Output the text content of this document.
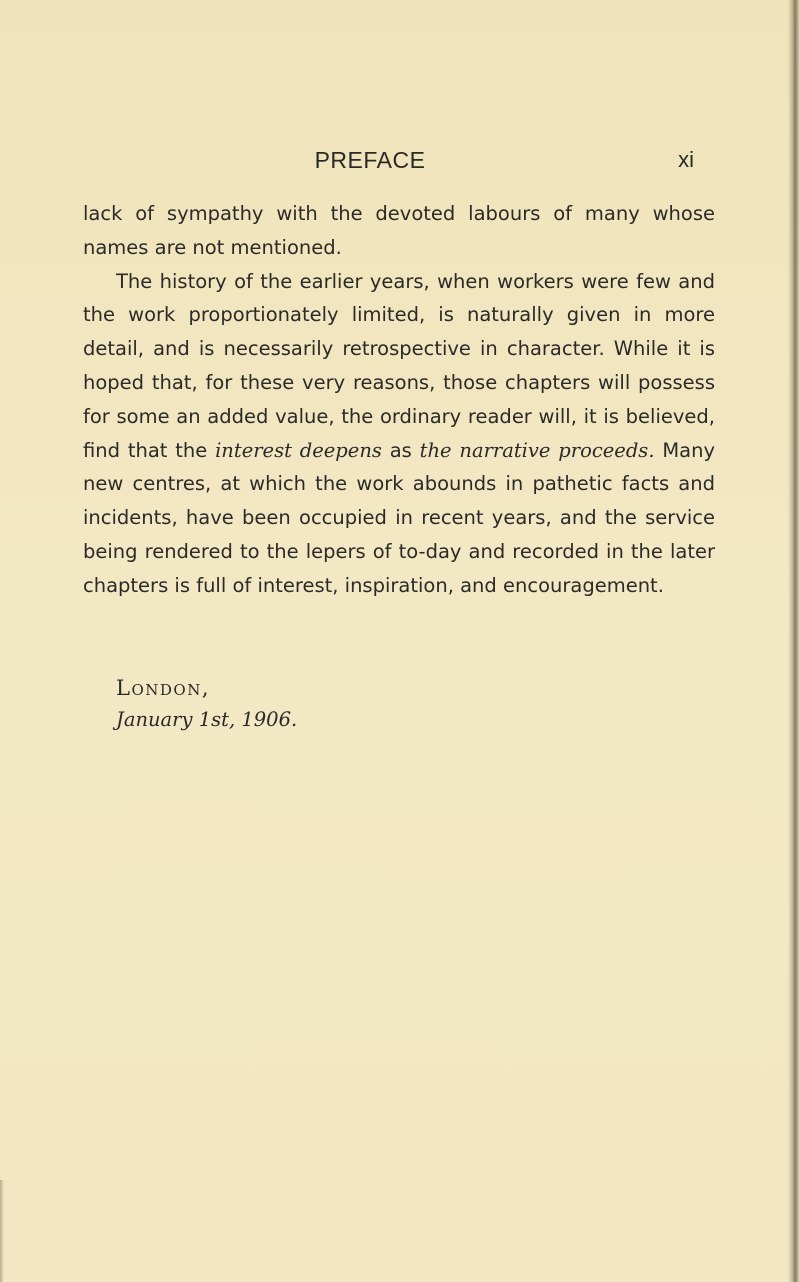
PREFACE	xi

lack of sympathy with the devoted labours of many whose names are not mentioned.

The history of the earlier years, when workers were few and the work proportionately limited, is naturally given in more detail, and is necessarily retrospective in character. While it is hoped that, for these very reasons, those chapters will possess for some an added value, the ordinary reader will, it is believed, find that the interest deepens as the narrative proceeds. Many new centres, at which the work abounds in pathetic facts and incidents, have been occupied in recent years, and the service being rendered to the lepers of to-day and recorded in the later chapters is full of interest, inspiration, and encouragement.

London,
January 1st, 1906.
